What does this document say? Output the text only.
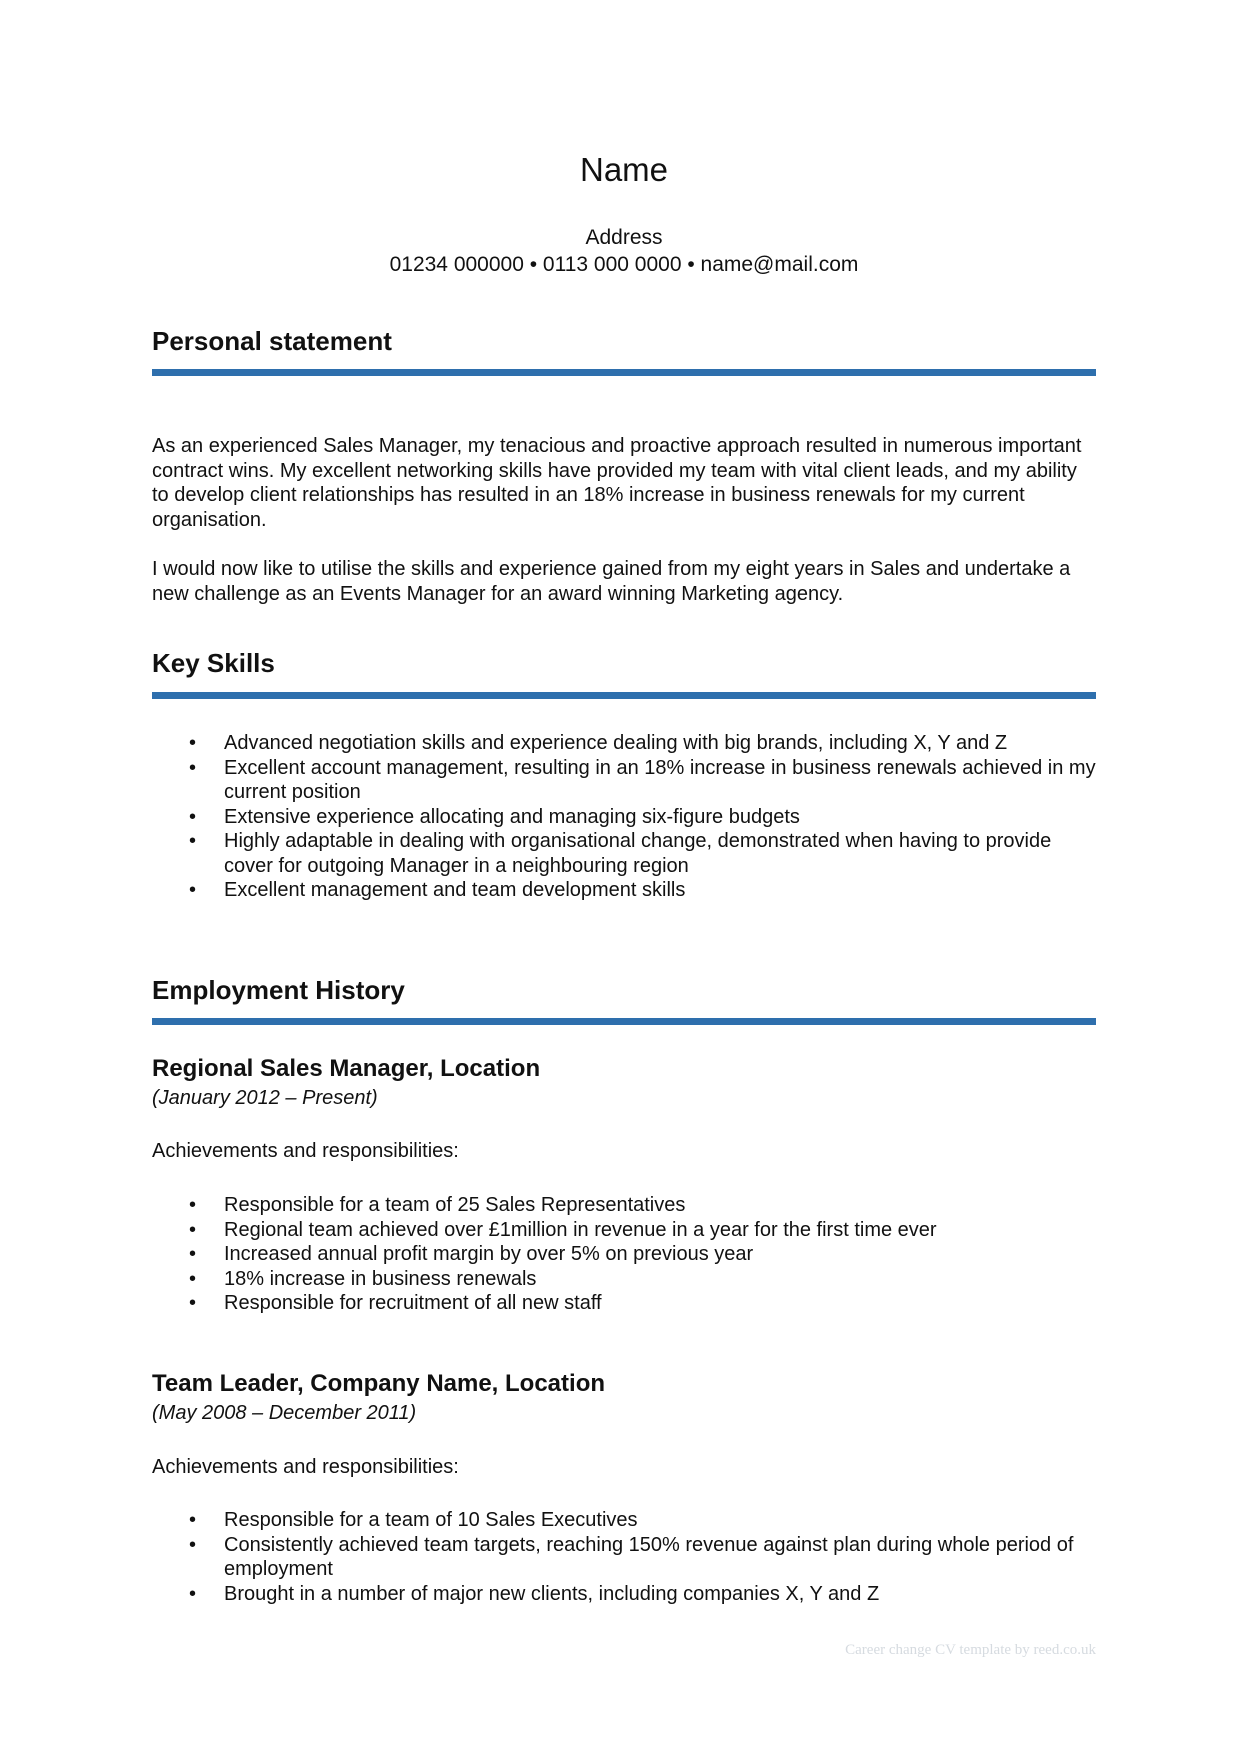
Name
Address
01234 000000 • 0113 000 0000 • name@mail.com
Personal statement

As an experienced Sales Manager, my tenacious and proactive approach resulted in numerous important contract wins. My excellent networking skills have provided my team with vital client leads, and my ability to develop client relationships has resulted in an 18% increase in business renewals for my current organisation.

I would now like to utilise the skills and experience gained from my eight years in Sales and undertake a new challenge as an Events Manager for an award winning Marketing agency.

Key Skills
• Advanced negotiation skills and experience dealing with big brands, including X, Y and Z
• Excellent account management, resulting in an 18% increase in business renewals achieved in my current position
• Extensive experience allocating and managing six-figure budgets
• Highly adaptable in dealing with organisational change, demonstrated when having to provide cover for outgoing Manager in a neighbouring region
• Excellent management and team development skills
Employment History
Regional Sales Manager, Location
(January 2012 – Present)
Achievements and responsibilities:
• Responsible for a team of 25 Sales Representatives
• Regional team achieved over £1million in revenue in a year for the first time ever
• Increased annual profit margin by over 5% on previous year
• 18% increase in business renewals
• Responsible for recruitment of all new staff
Team Leader, Company Name, Location
(May 2008 – December 2011)
Achievements and responsibilities:
• Responsible for a team of 10 Sales Executives
• Consistently achieved team targets, reaching 150% revenue against plan during whole period of employment
• Brought in a number of major new clients, including companies X, Y and Z
Career change CV template by reed.co.uk
